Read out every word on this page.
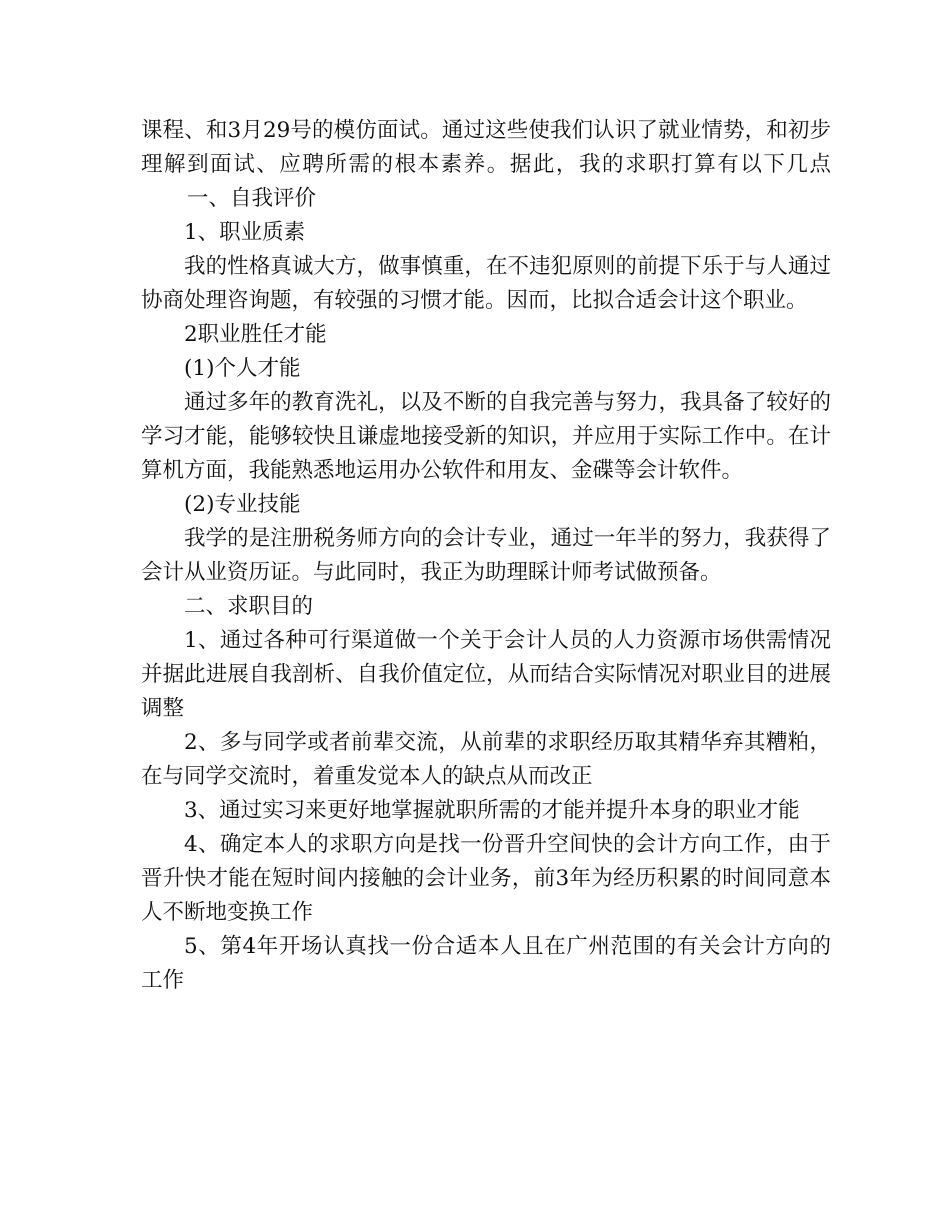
课程、和3月29号的模仿面试。通过这些使我们认识了就业情势，和初步理解到面试、应聘所需的根本素养。据此，我的求职打算有以下几点一、自我评价

1、职业质素

我的性格真诚大方，做事慎重，在不违犯原则的前提下乐于与人通过协商处理咨询题，有较强的习惯才能。因而，比拟合适会计这个职业。

2职业胜任才能

(1)个人才能

通过多年的教育洗礼，以及不断的自我完善与努力，我具备了较好的学习才能，能够较快且谦虚地接受新的知识，并应用于实际工作中。在计算机方面，我能熟悉地运用办公软件和用友、金碟等会计软件。

(2)专业技能

我学的是注册税务师方向的会计专业，通过一年半的努力，我获得了会计从业资历证。与此同时，我正为助理睬计师考试做预备。

二、求职目的

1、通过各种可行渠道做一个关于会计人员的人力资源市场供需情况并据此进展自我剖析、自我价值定位，从而结合实际情况对职业目的进展调整

2、多与同学或者前辈交流，从前辈的求职经历取其精华弃其糟粕，在与同学交流时，着重发觉本人的缺点从而改正

3、通过实习来更好地掌握就职所需的才能并提升本身的职业才能

4、确定本人的求职方向是找一份晋升空间快的会计方向工作，由于晋升快才能在短时间内接触的会计业务，前3年为经历积累的时间同意本人不断地变换工作

5、第4年开场认真找一份合适本人且在广州范围的有关会计方向的工作
